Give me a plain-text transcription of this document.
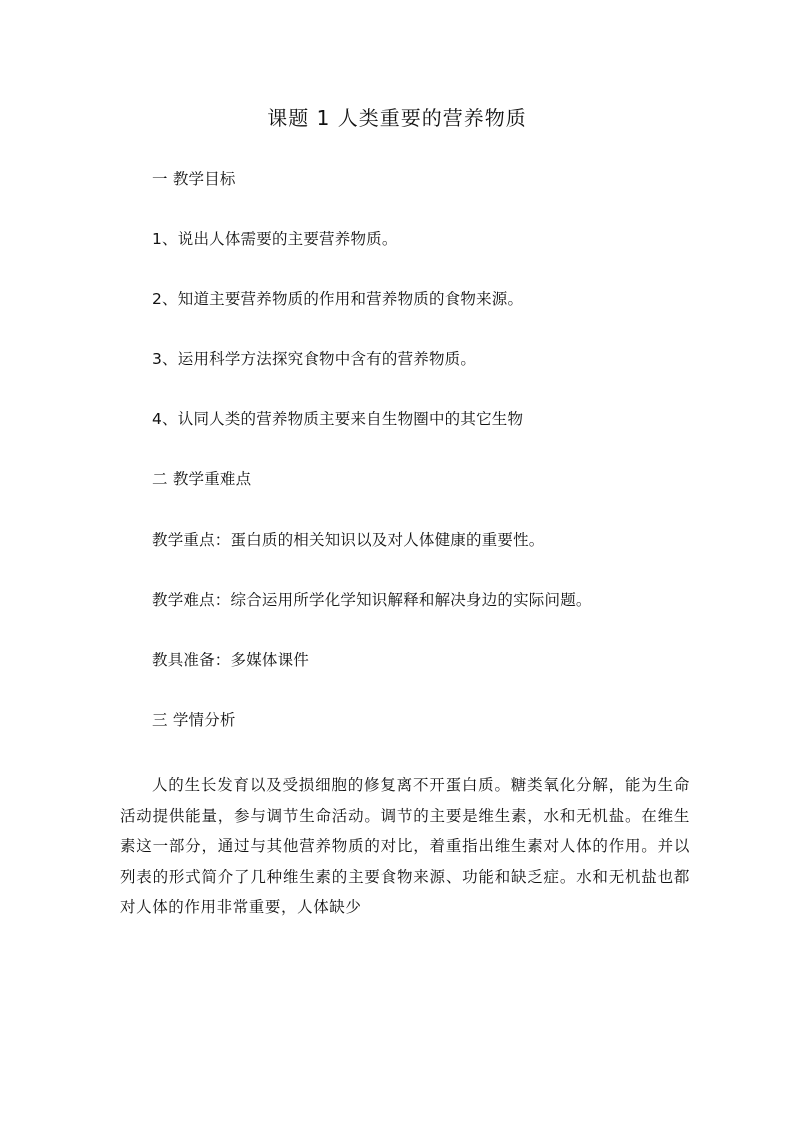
课题 1 人类重要的营养物质
一 教学目标
1、说出人体需要的主要营养物质。
2、知道主要营养物质的作用和营养物质的食物来源。
3、运用科学方法探究食物中含有的营养物质。
4、认同人类的营养物质主要来自生物圈中的其它生物
二 教学重难点
教学重点：蛋白质的相关知识以及对人体健康的重要性。
教学难点：综合运用所学化学知识解释和解决身边的实际问题。
教具准备：多媒体课件
三 学情分析
人的生长发育以及受损细胞的修复离不开蛋白质。糖类氧化分解，能为生命活动提供能量，参与调节生命活动。调节的主要是维生素，水和无机盐。在维生素这一部分，通过与其他营养物质的对比，着重指出维生素对人体的作用。并以列表的形式简介了几种维生素的主要食物来源、功能和缺乏症。水和无机盐也都对人体的作用非常重要，人体缺少
